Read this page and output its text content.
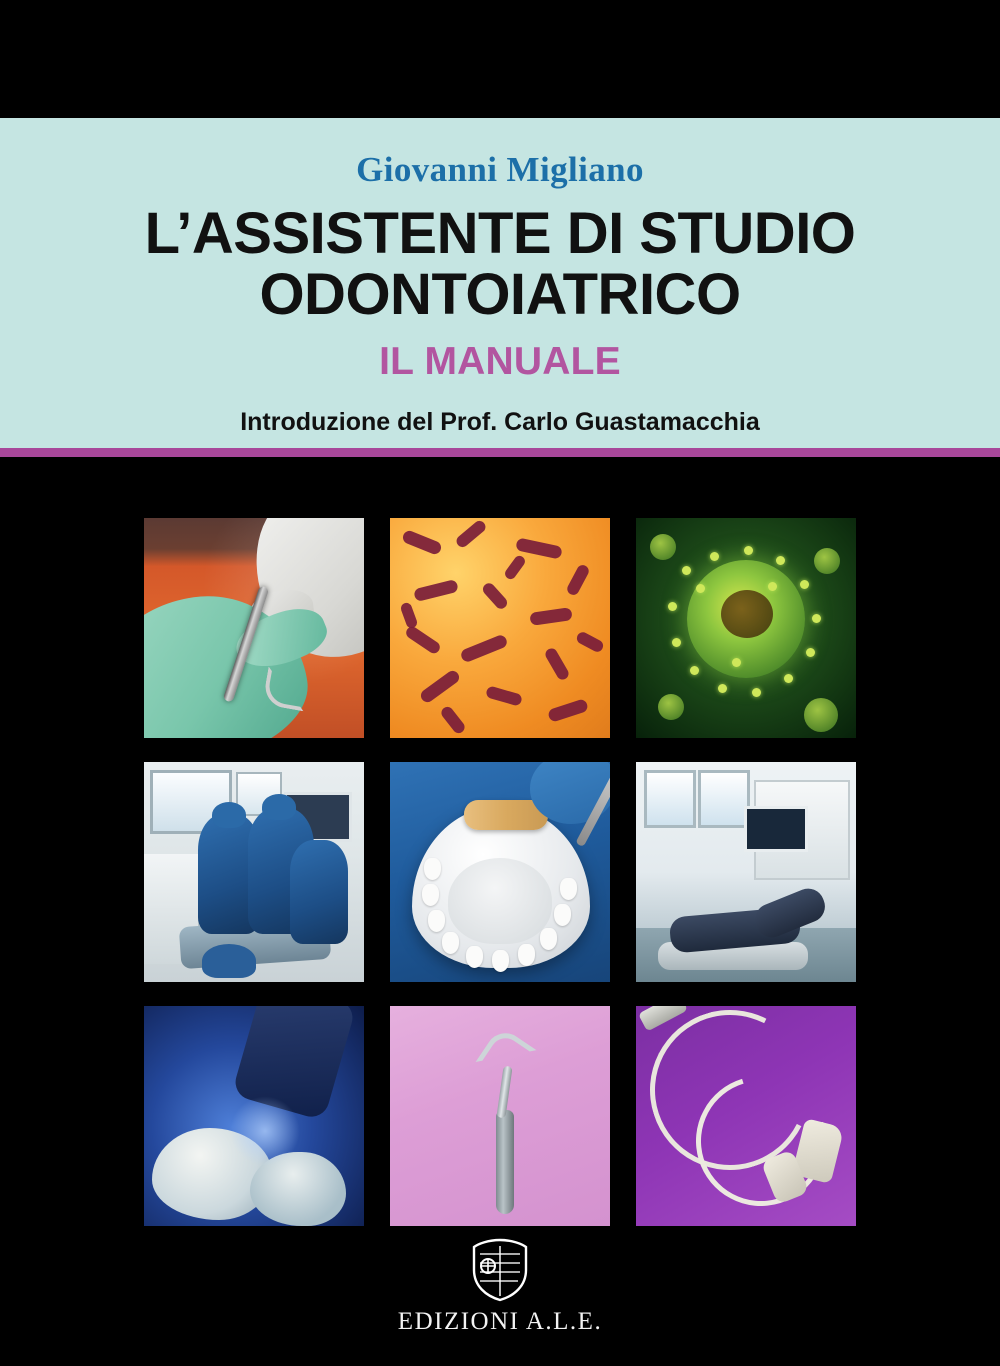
Giovanni Migliano
L’ASSISTENTE DI STUDIO
ODONTOIATRICO
IL MANUALE
Introduzione del Prof. Carlo Guastamacchia
EDIZIONI A.L.E.
